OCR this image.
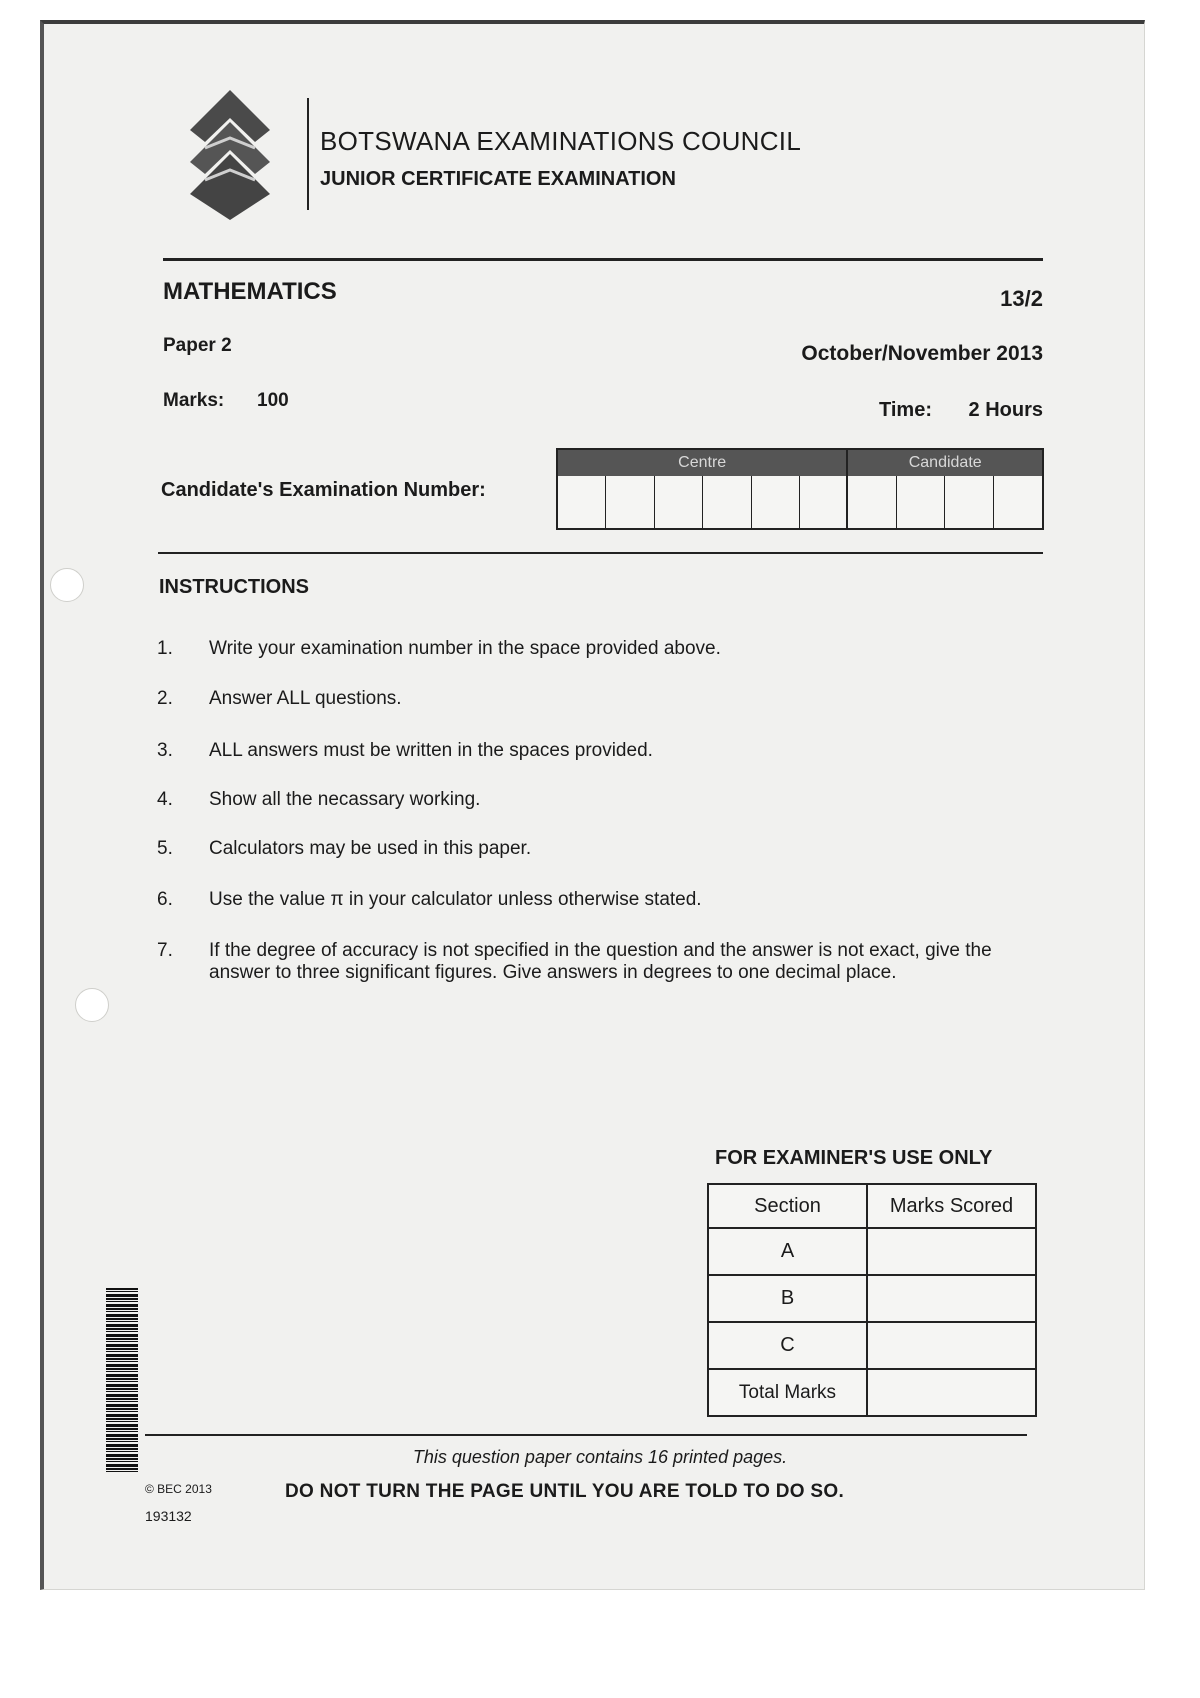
BOTSWANA EXAMINATIONS COUNCIL
JUNIOR CERTIFICATE EXAMINATION
MATHEMATICS	13/2
Paper 2	October/November 2013
Marks: 100	Time: 2 Hours
Candidate's Examination Number:
Centre	Candidate
INSTRUCTIONS
1.	Write your examination number in the space provided above.
2.	Answer ALL questions.
3.	ALL answers must be written in the spaces provided.
4.	Show all the necassary working.
5.	Calculators may be used in this paper.
6.	Use the value π in your calculator unless otherwise stated.
7.	If the degree of accuracy is not specified in the question and the answer is not exact, give the answer to three significant figures. Give answers in degrees to one decimal place.
FOR EXAMINER'S USE ONLY
Section	Marks Scored
A	
B	
C	
Total Marks	
This question paper contains 16 printed pages.
© BEC 2013	DO NOT TURN THE PAGE UNTIL YOU ARE TOLD TO DO SO.
193132
